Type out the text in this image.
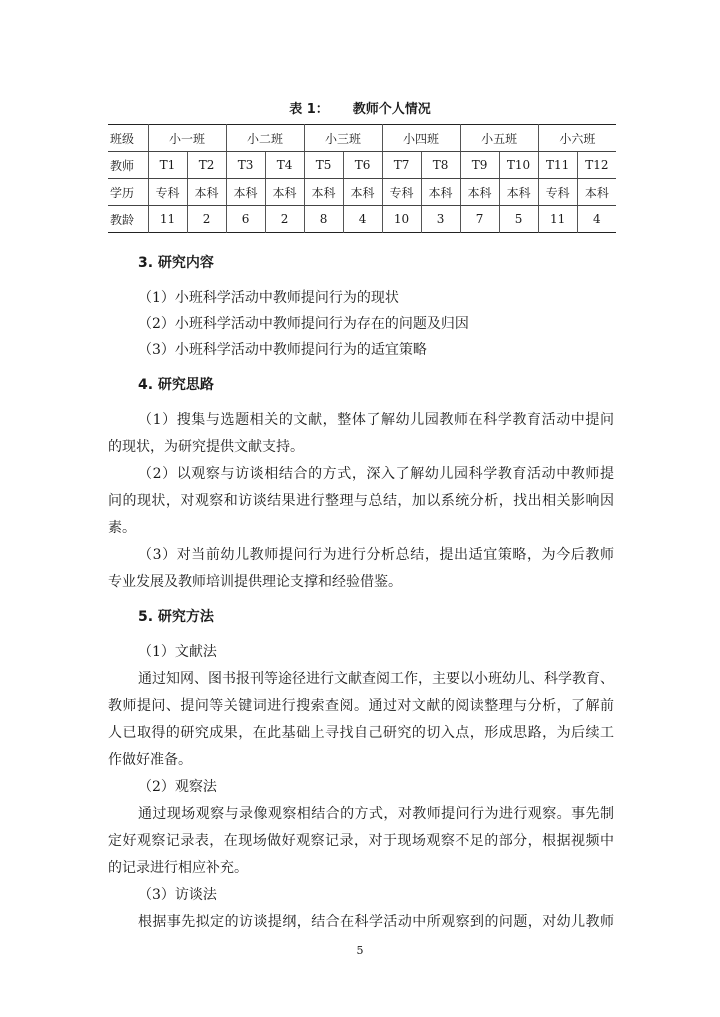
表 1： 教师个人情况
班级	小一班		小二班		小三班		小四班		小五班		小六班	
教师	T1	T2	T3	T4	T5	T6	T7	T8	T9	T10	T11	T12
学历	专科	本科	本科	本科	本科	本科	专科	本科	本科	本科	专科	本科
教龄	11	2	6	2	8	4	10	3	7	5	11	4
3. 研究内容
（1）小班科学活动中教师提问行为的现状
（2）小班科学活动中教师提问行为存在的问题及归因
（3）小班科学活动中教师提问行为的适宜策略
4. 研究思路
（1）搜集与选题相关的文献，整体了解幼儿园教师在科学教育活动中提问
的现状，为研究提供文献支持。
（2）以观察与访谈相结合的方式，深入了解幼儿园科学教育活动中教师提
问的现状，对观察和访谈结果进行整理与总结，加以系统分析，找出相关影响因
素。
（3）对当前幼儿教师提问行为进行分析总结，提出适宜策略，为今后教师
专业发展及教师培训提供理论支撑和经验借鉴。
5. 研究方法
（1）文献法
通过知网、图书报刊等途径进行文献查阅工作，主要以小班幼儿、科学教育、
教师提问、提问等关键词进行搜索查阅。通过对文献的阅读整理与分析，了解前
人已取得的研究成果，在此基础上寻找自己研究的切入点，形成思路，为后续工
作做好准备。
（2）观察法
通过现场观察与录像观察相结合的方式，对教师提问行为进行观察。事先制
定好观察记录表，在现场做好观察记录，对于现场观察不足的部分，根据视频中
的记录进行相应补充。
（3）访谈法
根据事先拟定的访谈提纲，结合在科学活动中所观察到的问题，对幼儿教师
5
